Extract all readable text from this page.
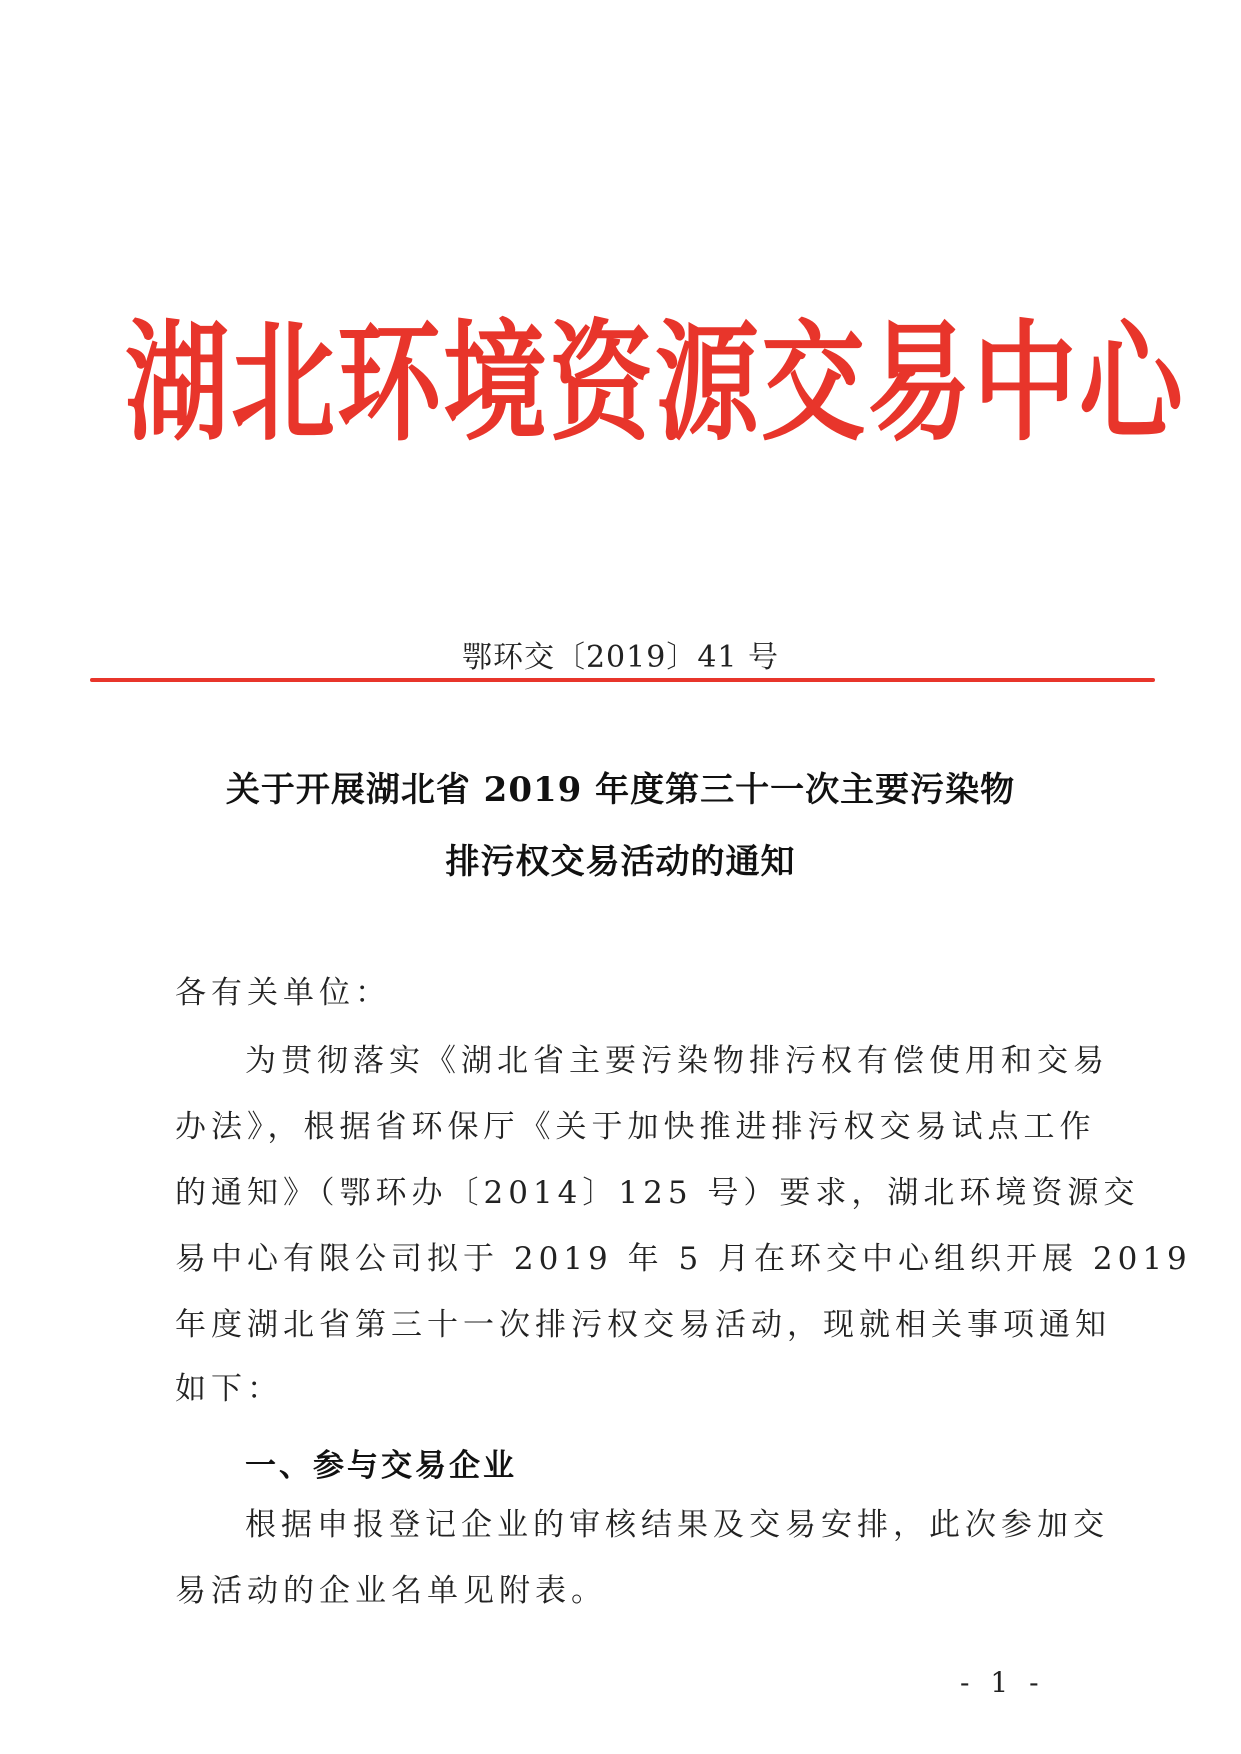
湖北环境资源交易中心
鄂环交〔2019〕41 号
关于开展湖北省 2019 年度第三十一次主要污染物
排污权交易活动的通知
各有关单位：
为贯彻落实《湖北省主要污染物排污权有偿使用和交易
办法》，根据省环保厅《关于加快推进排污权交易试点工作
的通知》（鄂环办〔2014〕125 号）要求，湖北环境资源交
易中心有限公司拟于 2019 年 5 月在环交中心组织开展 2019
年度湖北省第三十一次排污权交易活动，现就相关事项通知
如下：
一、参与交易企业
根据申报登记企业的审核结果及交易安排，此次参加交
易活动的企业名单见附表。
- 1 -
